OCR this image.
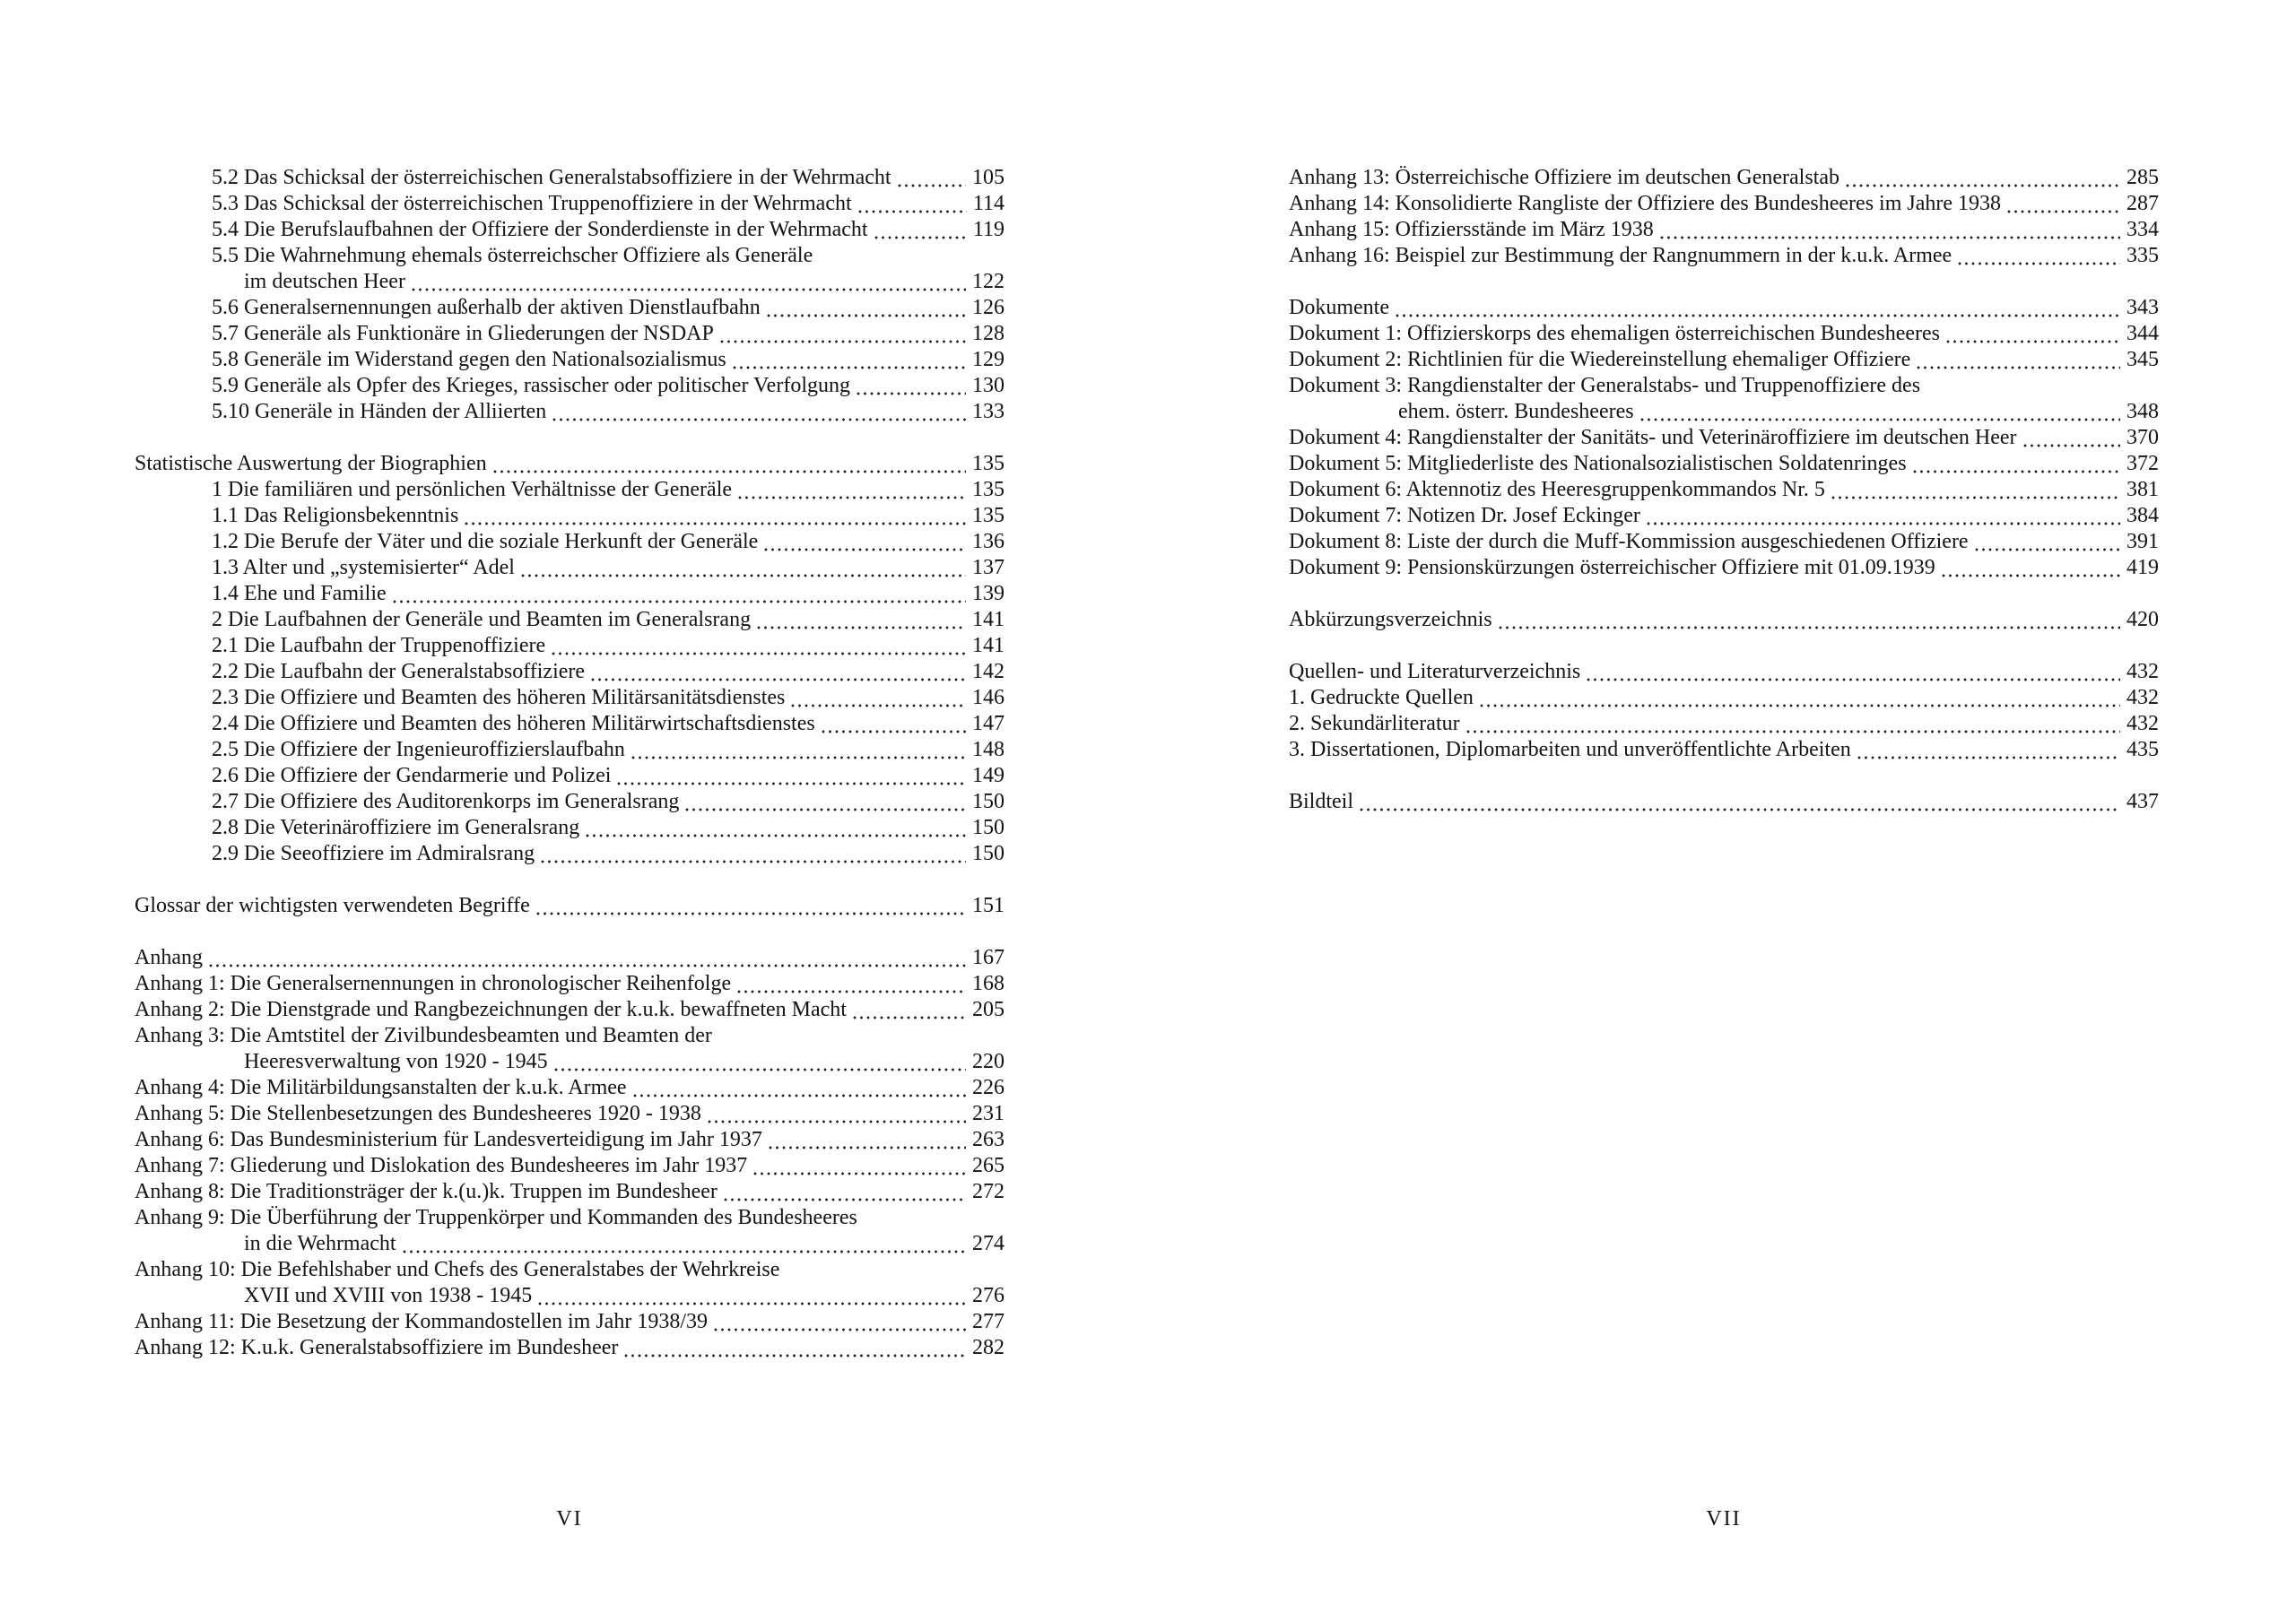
5.2 Das Schicksal der österreichischen Generalstabsoffiziere in der Wehrmacht	105
5.3 Das Schicksal der österreichischen Truppenoffiziere in der Wehrmacht	114
5.4 Die Berufslaufbahnen der Offiziere der Sonderdienste in der Wehrmacht	119
5.5 Die Wahrnehmung ehemals österreichscher Offiziere als Generäle
im deutschen Heer	122
5.6 Generalsernennungen außerhalb der aktiven Dienstlaufbahn	126
5.7 Generäle als Funktionäre in Gliederungen der NSDAP	128
5.8 Generäle im Widerstand gegen den Nationalsozialismus	129
5.9 Generäle als Opfer des Krieges, rassischer oder politischer Verfolgung	130
5.10 Generäle in Händen der Alliierten	133
Statistische Auswertung der Biographien	135
1 Die familiären und persönlichen Verhältnisse der Generäle	135
1.1 Das Religionsbekenntnis	135
1.2 Die Berufe der Väter und die soziale Herkunft der Generäle	136
1.3 Alter und „systemisierter“ Adel	137
1.4 Ehe und Familie	139
2 Die Laufbahnen der Generäle und Beamten im Generalsrang	141
2.1 Die Laufbahn der Truppenoffiziere	141
2.2 Die Laufbahn der Generalstabsoffiziere	142
2.3 Die Offiziere und Beamten des höheren Militärsanitätsdienstes	146
2.4 Die Offiziere und Beamten des höheren Militärwirtschaftsdienstes	147
2.5 Die Offiziere der Ingenieuroffizierslaufbahn	148
2.6 Die Offiziere der Gendarmerie und Polizei	149
2.7 Die Offiziere des Auditorenkorps im Generalsrang	150
2.8 Die Veterinäroffiziere im Generalsrang	150
2.9 Die Seeoffiziere im Admiralsrang	150
Glossar der wichtigsten verwendeten Begriffe	151
Anhang	167
Anhang 1: Die Generalsernennungen in chronologischer Reihenfolge	168
Anhang 2: Die Dienstgrade und Rangbezeichnungen der k.u.k. bewaffneten Macht	205
Anhang 3: Die Amtstitel der Zivilbundesbeamten und Beamten der
Heeresverwaltung von 1920 - 1945	220
Anhang 4: Die Militärbildungsanstalten der k.u.k. Armee	226
Anhang 5: Die Stellenbesetzungen des Bundesheeres 1920 - 1938	231
Anhang 6: Das Bundesministerium für Landesverteidigung im Jahr 1937	263
Anhang 7: Gliederung und Dislokation des Bundesheeres im Jahr 1937	265
Anhang 8: Die Traditionsträger der k.(u.)k. Truppen im Bundesheer	272
Anhang 9: Die Überführung der Truppenkörper und Kommanden des Bundesheeres
in die Wehrmacht	274
Anhang 10: Die Befehlshaber und Chefs des Generalstabes der Wehrkreise
XVII und XVIII von 1938 - 1945	276
Anhang 11: Die Besetzung der Kommandostellen im Jahr 1938/39	277
Anhang 12: K.u.k. Generalstabsoffiziere im Bundesheer	282
Anhang 13: Österreichische Offiziere im deutschen Generalstab	285
Anhang 14: Konsolidierte Rangliste der Offiziere des Bundesheeres im Jahre 1938	287
Anhang 15: Offiziersstände im März 1938	334
Anhang 16: Beispiel zur Bestimmung der Rangnummern in der k.u.k. Armee	335
Dokumente	343
Dokument 1: Offizierskorps des ehemaligen österreichischen Bundesheeres	344
Dokument 2: Richtlinien für die Wiedereinstellung ehemaliger Offiziere	345
Dokument 3: Rangdienstalter der Generalstabs- und Truppenoffiziere des
ehem. österr. Bundesheeres	348
Dokument 4: Rangdienstalter der Sanitäts- und Veterinäroffiziere im deutschen Heer	370
Dokument 5: Mitgliederliste des Nationalsozialistischen Soldatenringes	372
Dokument 6: Aktennotiz des Heeresgruppenkommandos Nr. 5	381
Dokument 7: Notizen Dr. Josef Eckinger	384
Dokument 8: Liste der durch die Muff-Kommission ausgeschiedenen Offiziere	391
Dokument 9: Pensionskürzungen österreichischer Offiziere mit 01.09.1939	419
Abkürzungsverzeichnis	420
Quellen- und Literaturverzeichnis	432
1. Gedruckte Quellen	432
2. Sekundärliteratur	432
3. Dissertationen, Diplomarbeiten und unveröffentlichte Arbeiten	435
Bildteil	437
VI	VII
